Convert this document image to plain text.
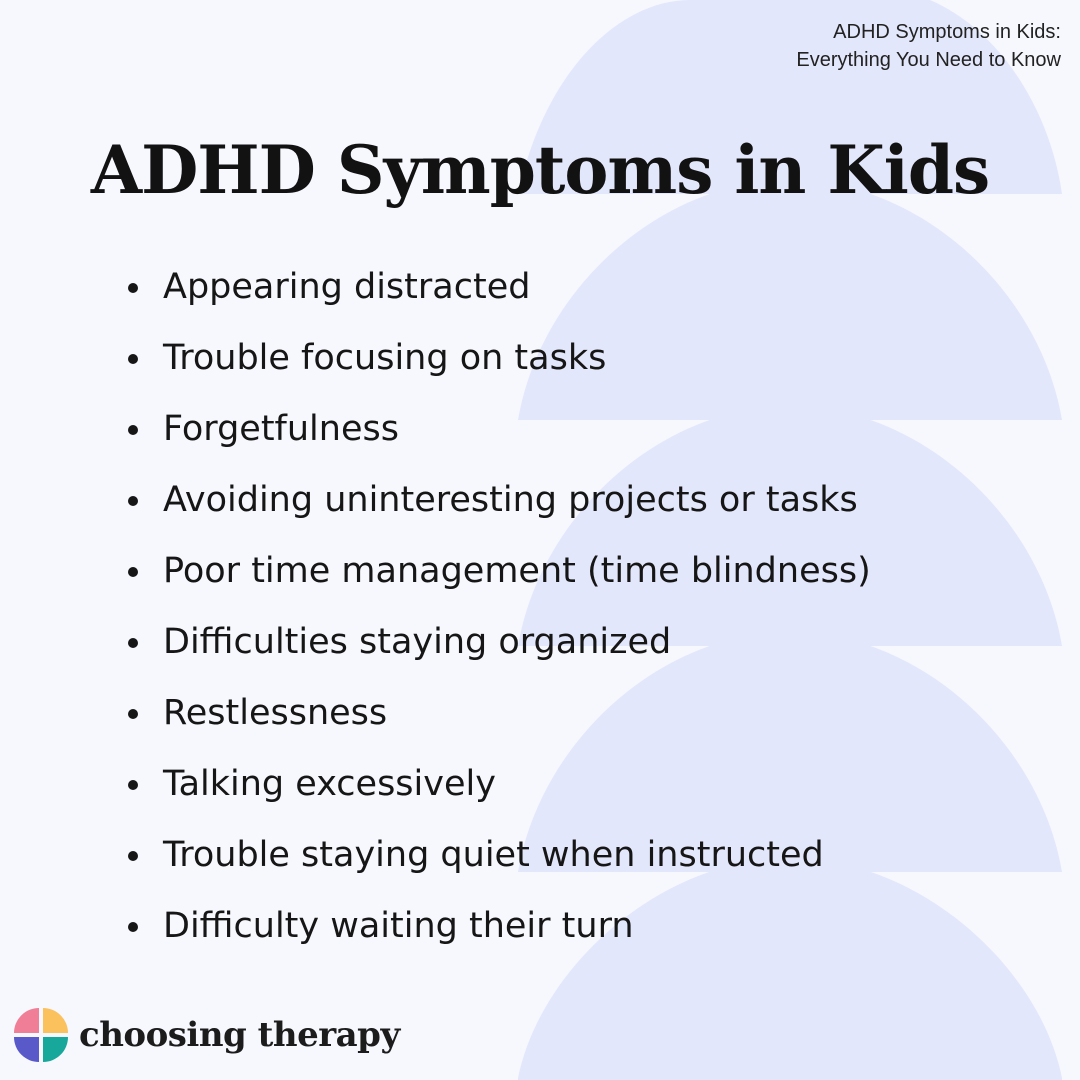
ADHD Symptoms in Kids:
Everything You Need to Know
ADHD Symptoms in Kids
Appearing distracted
Trouble focusing on tasks
Forgetfulness
Avoiding uninteresting projects or tasks
Poor time management (time blindness)
Difficulties staying organized
Restlessness
Talking excessively
Trouble staying quiet when instructed
Difficulty waiting their turn
choosing therapy
